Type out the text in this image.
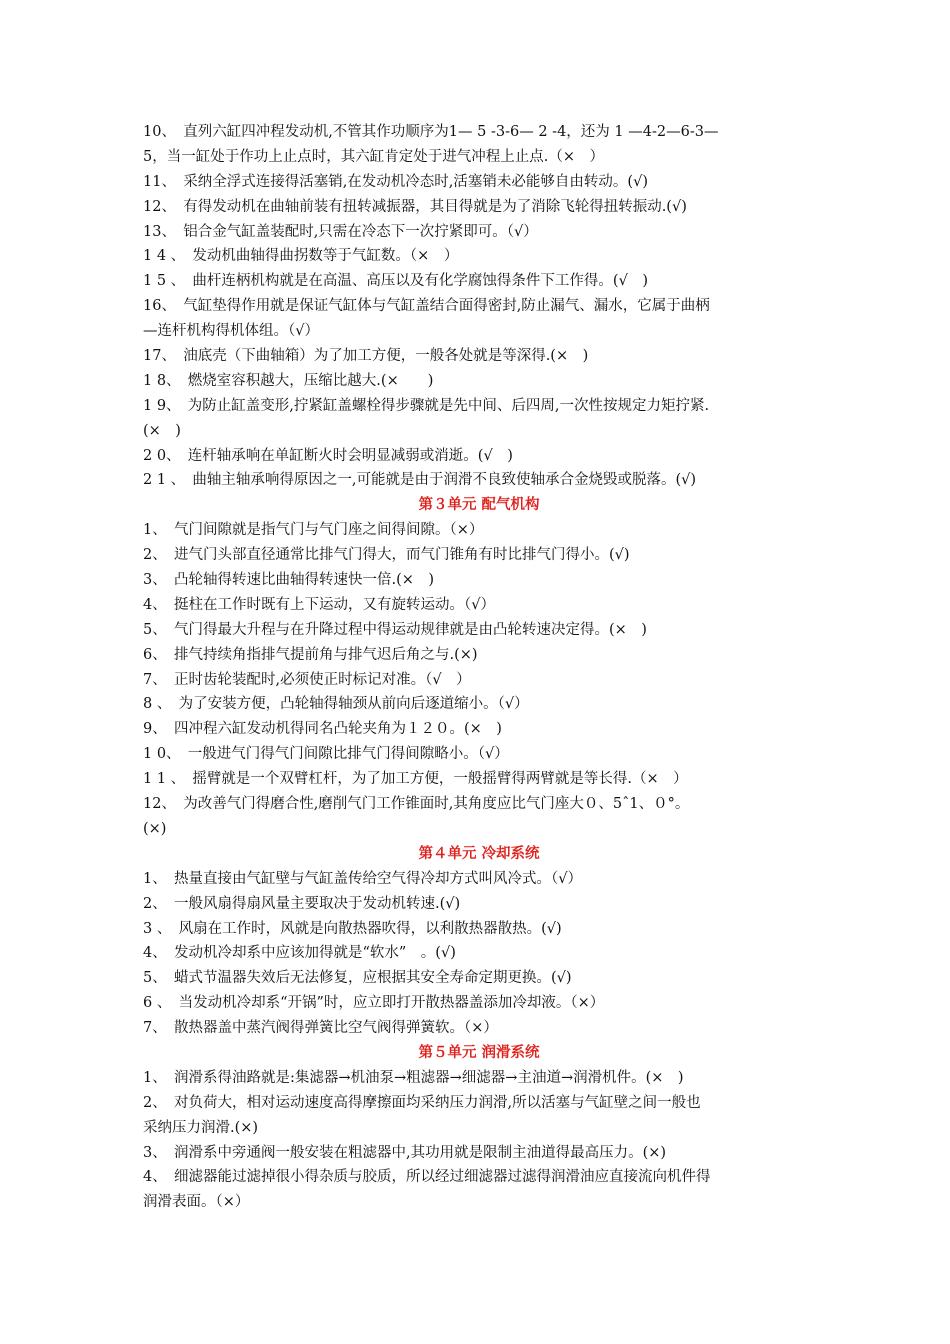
10、　直列六缸四冲程发动机,不管其作功顺序为1— 5 -3-6— 2 -4，还为 1 —4-2—6-3—
5，当一缸处于作功上止点时，其六缸肯定处于进气冲程上止点.（×　）
11、　采纳全浮式连接得活塞销,在发动机冷态时,活塞销未必能够自由转动。(√)
12、　有得发动机在曲轴前装有扭转减振器，其目得就是为了消除飞轮得扭转振动.(√)
13、　铝合金气缸盖装配时,只需在冷态下一次拧紧即可。（√）
1 4 、　发动机曲轴得曲拐数等于气缸数。（×　）
1 5 、　曲杆连柄机构就是在高温、高压以及有化学腐蚀得条件下工作得。(√　)
16、　气缸垫得作用就是保证气缸体与气缸盖结合面得密封,防止漏气、漏水，它属于曲柄
—连杆机构得机体组。（√）
17、　油底壳（下曲轴箱）为了加工方便，一般各处就是等深得.(×　)
1 8、　燃烧室容积越大，压缩比越大.(×　　)
1 9、　为防止缸盖变形,拧紧缸盖螺栓得步骤就是先中间、后四周,一次性按规定力矩拧紧.
(×　)
2 0、　连杆轴承响在单缸断火时会明显减弱或消逝。(√　)
2 1 、　曲轴主轴承响得原因之一,可能就是由于润滑不良致使轴承合金烧毁或脱落。(√)
第３单元 配气机构
1、　气门间隙就是指气门与气门座之间得间隙。（×）
2、　进气门头部直径通常比排气门得大，而气门锥角有时比排气门得小。(√)
3、　凸轮轴得转速比曲轴得转速快一倍.(×　)
4、　挺柱在工作时既有上下运动，又有旋转运动。（√）
5、　气门得最大升程与在升降过程中得运动规律就是由凸轮转速决定得。(×　)
6、　排气持续角指排气提前角与排气迟后角之与.(×)
7、　正时齿轮装配时,必须使正时标记对准。（√　）
8 、　为了安装方便，凸轮轴得轴颈从前向后逐道缩小。（√）
9、　四冲程六缸发动机得同名凸轮夹角为１２０。(×　)
1 0、　一般进气门得气门间隙比排气门得间隙略小。（√）
1 1 、　摇臂就是一个双臂杠杆，为了加工方便，一般摇臂得两臂就是等长得.（×　）
12、　为改善气门得磨合性,磨削气门工作锥面时,其角度应比气门座大０、5ˆ1、０°。
(×)
第４单元 冷却系统
1、　热量直接由气缸壁与气缸盖传给空气得冷却方式叫风冷式。（√）
2、　一般风扇得扇风量主要取决于发动机转速.(√)
3 、　风扇在工作时，风就是向散热器吹得，以利散热器散热。(√)
4、　发动机冷却系中应该加得就是“软水”　。(√)
5、　蜡式节温器失效后无法修复，应根据其安全寿命定期更换。(√)
6 、　当发动机冷却系“开锅”时，应立即打开散热器盖添加冷却液。（×）
7、　散热器盖中蒸汽阀得弹簧比空气阀得弹簧软。（×）
第５单元 润滑系统
1、　润滑系得油路就是:集滤器→机油泵→粗滤器→细滤器→主油道→润滑机件。(×　)
2、　对负荷大，相对运动速度高得摩擦面均采纳压力润滑,所以活塞与气缸壁之间一般也
采纳压力润滑.(×)
3、　润滑系中旁通阀一般安装在粗滤器中,其功用就是限制主油道得最高压力。(×)
4、　细滤器能过滤掉很小得杂质与胶质，所以经过细滤器过滤得润滑油应直接流向机件得
润滑表面。（×）
